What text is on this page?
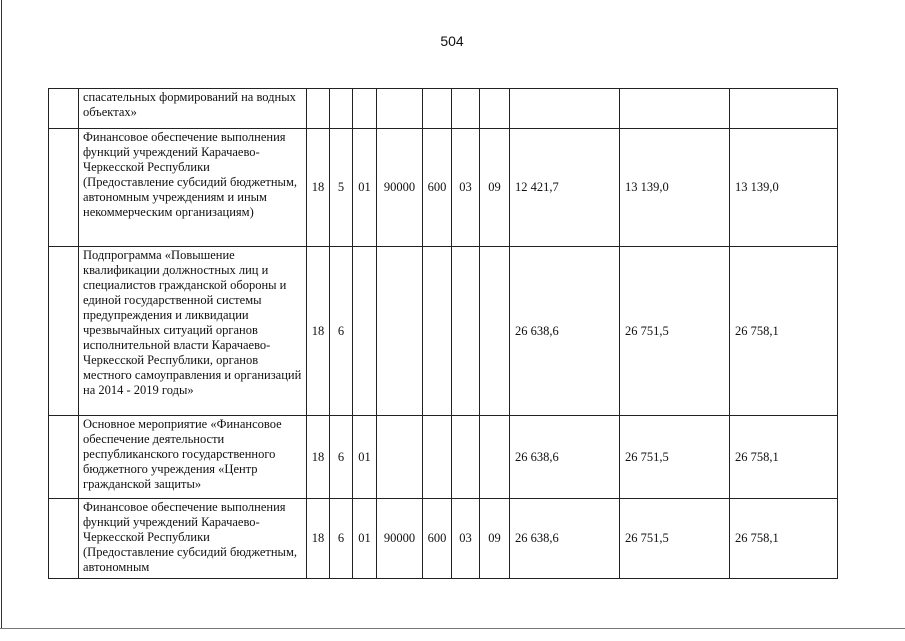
504
	спасательных формирований на водных объектах»										
	Финансовое обеспечение выполнения функций учреждений Карачаево-Черкесской Республики (Предоставление субсидий бюджетным, автономным учреждениям и иным некоммерческим организациям)	18	5	01	90000	600	03	09	12 421,7	13 139,0	13 139,0
	Подпрограмма «Повышение квалификации должностных лиц и специалистов гражданской обороны и единой государственной системы предупреждения и ликвидации чрезвычайных ситуаций органов исполнительной власти Карачаево-Черкесской Республики, органов местного самоуправления и организаций на 2014 - 2019 годы»	18	6						26 638,6	26 751,5	26 758,1
	Основное мероприятие «Финансовое обеспечение деятельности республиканского государственного бюджетного учреждения «Центр гражданской защиты»	18	6	01					26 638,6	26 751,5	26 758,1
	Финансовое обеспечение выполнения функций учреждений Карачаево-Черкесской Республики (Предоставление субсидий бюджетным, автономным	18	6	01	90000	600	03	09	26 638,6	26 751,5	26 758,1
